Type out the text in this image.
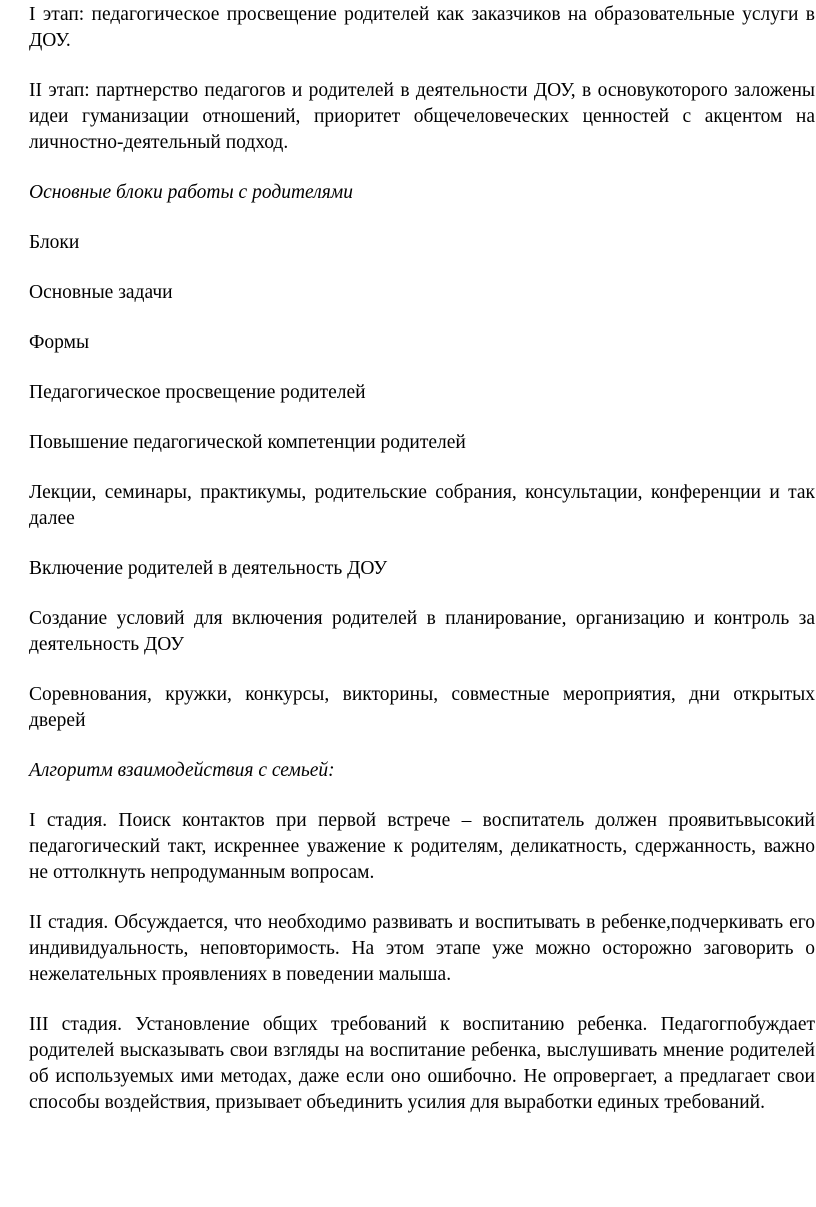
I этап: педагогическое просвещение родителей как заказчиков на образовательные услуги в ДОУ.

II этап: партнерство педагогов и родителей в деятельности ДОУ, в основукоторого заложены идеи гуманизации отношений, приоритет общечеловеческих ценностей с акцентом на личностно-деятельный подход.

Основные блоки работы с родителями

Блоки

Основные задачи

Формы

Педагогическое просвещение родителей

Повышение педагогической компетенции родителей

Лекции, семинары, практикумы, родительские собрания, консультации, конференции и так далее

Включение родителей в деятельность ДОУ

Создание условий для включения родителей в планирование, организацию и контроль за деятельность ДОУ

Соревнования, кружки, конкурсы, викторины, совместные мероприятия, дни открытых дверей

Алгоритм взаимодействия с семьей:

I стадия. Поиск контактов при первой встрече – воспитатель должен проявитьвысокий педагогический такт, искреннее уважение к родителям, деликатность, сдержанность, важно не оттолкнуть непродуманным вопросам.

II стадия. Обсуждается, что необходимо развивать и воспитывать в ребенке,подчеркивать его индивидуальность, неповторимость. На этом этапе уже можно осторожно заговорить о нежелательных проявлениях в поведении малыша.

III стадия. Установление общих требований к воспитанию ребенка. Педагогпобуждает родителей высказывать свои взгляды на воспитание ребенка, выслушивать мнение родителей об используемых ими методах, даже если оно ошибочно. Не опровергает, а предлагает свои способы воздействия, призывает объединить усилия для выработки единых требований.
